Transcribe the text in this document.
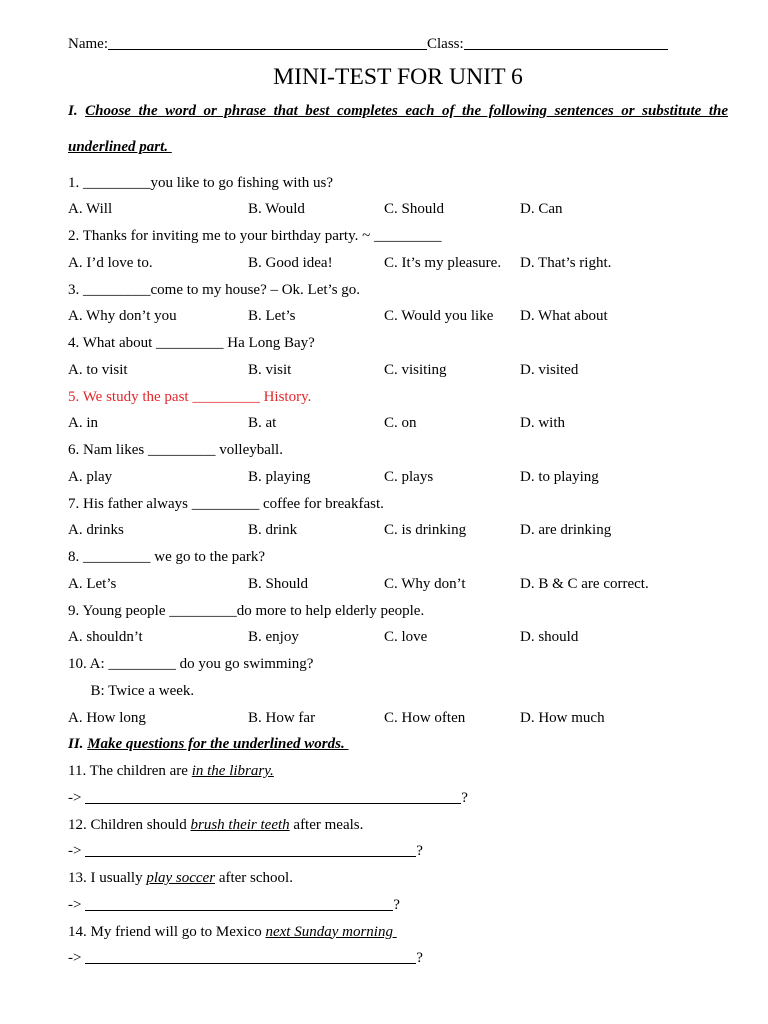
Name:	Class:
MINI-TEST FOR UNIT 6
I. Choose the word or phrase that best completes each of the following sentences or substitute the
underlined part.
1. _________you like to go fishing with us?
A. Will	B. Would	C. Should	D. Can
2. Thanks for inviting me to your birthday party. ~ _________
A. I’d love to.	B. Good idea!	C. It’s my pleasure.	D. That’s right.
3. _________come to my house? – Ok. Let’s go.
A. Why don’t you	B. Let’s	C. Would you like	D. What about
4. What about _________ Ha Long Bay?
A. to visit	B. visit	C. visiting	D. visited
5. We study the past _________ History.
A. in	B. at	C. on	D. with
6. Nam likes _________ volleyball.
A. play	B. playing	C. plays	D. to playing
7. His father always _________ coffee for breakfast.
A. drinks	B. drink	C. is drinking	D. are drinking
8. _________ we go to the park?
A. Let’s	B. Should	C. Why don’t	D. B & C are correct.
9. Young people _________do more to help elderly people.
A. shouldn’t	B. enjoy	C. love	D. should
10. A: _________ do you go swimming?
B: Twice a week.
A. How long	B. How far	C. How often	D. How much
II. Make questions for the underlined words.
11. The children are in the library.
->	?
12. Children should brush their teeth after meals.
->	?
13. I usually play soccer after school.
->	?
14. My friend will go to Mexico next Sunday morning
->	?
